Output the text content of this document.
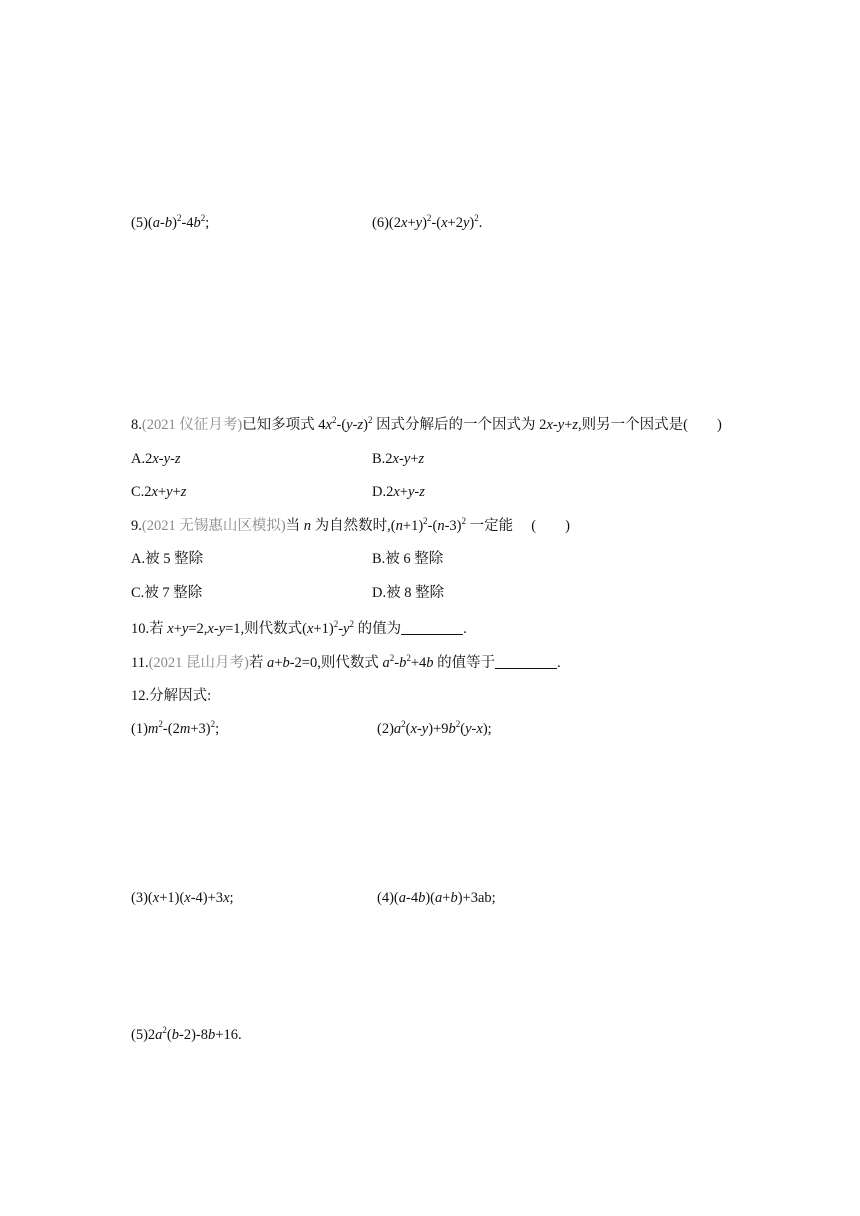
$(5)(a-b)^2-4b^2$;	$(6)(2x+y)^2-(x+2y)^2$.
8.(2021 仪征月考)已知多项式 $4x^2-(y-z)^2$ 因式分解后的一个因式为 2x-y+z,则另一个因式是(　　)
A.2x-y-z	B.2x-y+z
C.2x+y+z	D.2x+y-z
9.(2021 无锡惠山区模拟)当 n 为自然数时$,(n+1)^2-(n-3)^2$ 一定能　 (　　)
A.被 5 整除	B.被 6 整除
C.被 7 整除	D.被 8 整除
10.若 x+y=2,x-y=1,则代数式$(x+1)^2-y^2$ 的值为	.
11.(2021 昆山月考)若 a+b-2=0,则代数式 $a^2-b^2+4b$ 的值等于	.
12.分解因式:
$(1)m^2-(2m+3)^2$;	$(2)a^2(x-y)+9b^2(y-x)$;
(3)(x+1)(x-4)+3x;	(4)(a-4b)(a+b)+3ab;
$(5)2a^2(b-2)-8b+16$.
